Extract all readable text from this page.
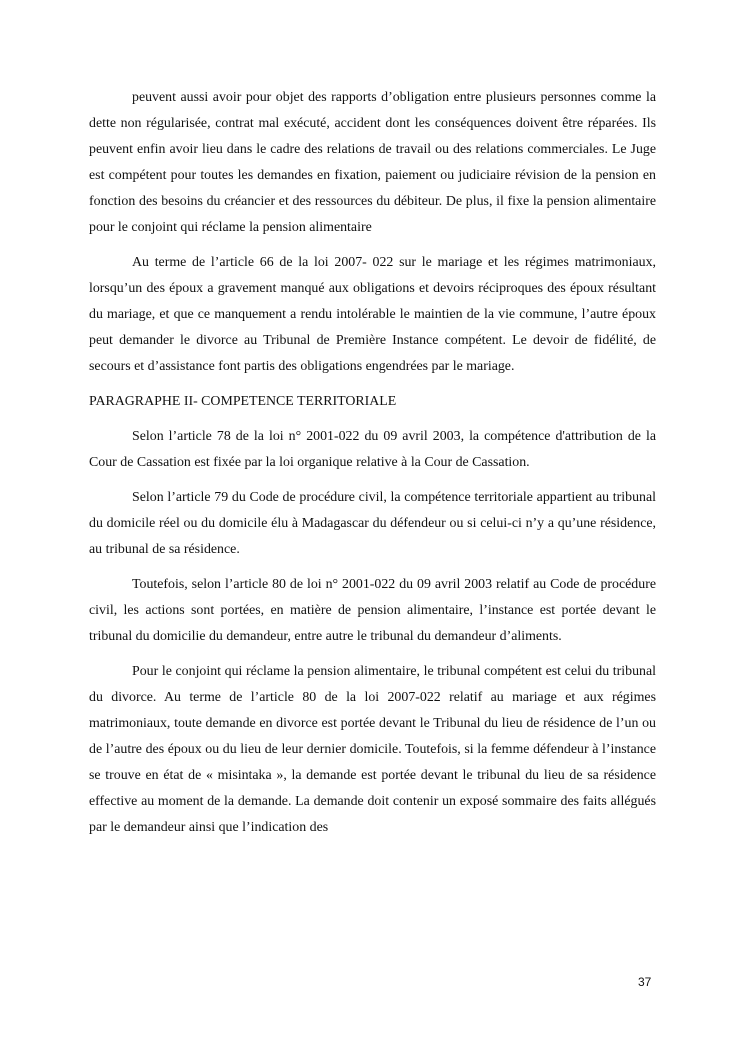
peuvent aussi avoir pour objet des rapports d’obligation entre plusieurs personnes comme la dette non régularisée, contrat mal exécuté, accident dont les conséquences doivent être réparées. Ils peuvent enfin avoir lieu dans le cadre des relations de travail ou des relations commerciales. Le Juge est compétent pour toutes les demandes en fixation, paiement ou judiciaire révision de la pension en fonction des besoins du créancier et des ressources du débiteur. De plus, il fixe la pension alimentaire pour le conjoint qui réclame la pension alimentaire

Au terme de l’article 66 de la loi 2007- 022 sur le mariage et les régimes matrimoniaux, lorsqu’un des époux a gravement manqué aux obligations et devoirs réciproques des époux résultant du mariage, et que ce manquement a rendu intolérable le maintien de la vie commune, l’autre époux peut demander le divorce au Tribunal de Première Instance compétent. Le devoir de fidélité, de secours et d’assistance font partis des obligations engendrées par le mariage.

PARAGRAPHE II- COMPETENCE TERRITORIALE

Selon l’article 78 de la loi n° 2001-022 du 09 avril 2003, la compétence d'attribution de la Cour de Cassation est fixée par la loi organique relative à la Cour de Cassation.

Selon l’article 79 du Code de procédure civil, la compétence territoriale appartient au tribunal du domicile réel ou du domicile élu à Madagascar du défendeur ou si celui-ci n’y a qu’une résidence, au tribunal de sa résidence.

Toutefois, selon l’article 80 de loi n° 2001-022 du 09 avril 2003 relatif au Code de procédure civil, les actions sont portées, en matière de pension alimentaire, l’instance est portée devant le tribunal du domicilie du demandeur, entre autre le tribunal du demandeur d’aliments.

Pour le conjoint qui réclame la pension alimentaire, le tribunal compétent est celui du tribunal du divorce. Au terme de l’article 80 de la loi 2007-022 relatif au mariage et aux régimes matrimoniaux, toute demande en divorce est portée devant le Tribunal du lieu de résidence de l’un ou de l’autre des époux ou du lieu de leur dernier domicile. Toutefois, si la femme défendeur à l’instance se trouve en état de « misintaka », la demande est portée devant le tribunal du lieu de sa résidence effective au moment de la demande. La demande doit contenir un exposé sommaire des faits allégués par le demandeur ainsi que l’indication des

37
